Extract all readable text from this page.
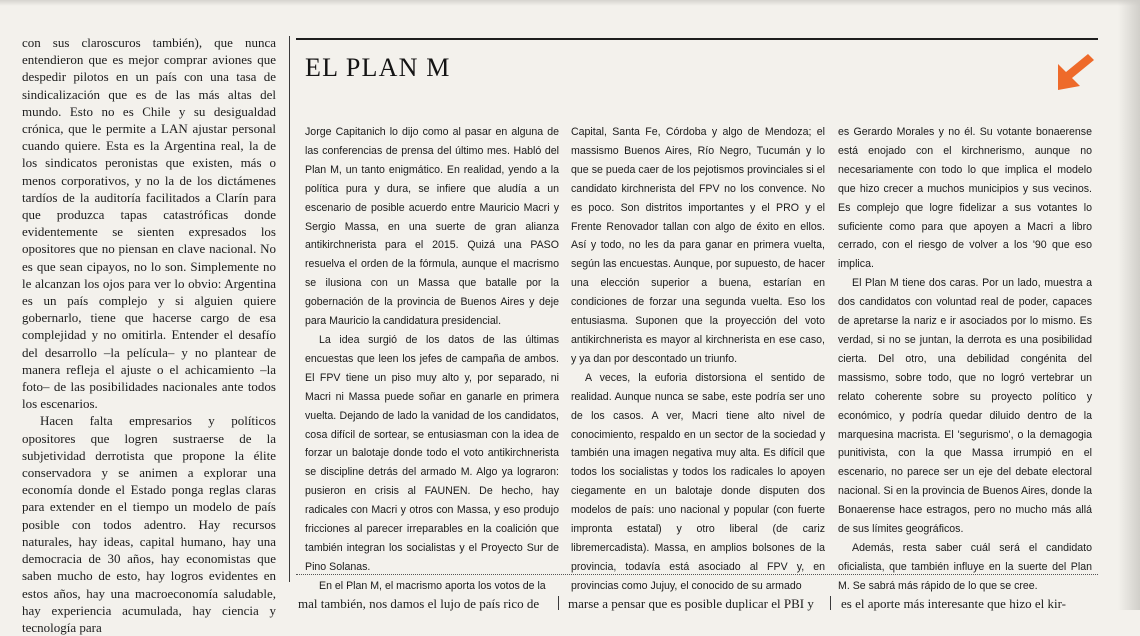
con sus claroscuros también), que nunca entendieron que es mejor comprar aviones que despedir pilotos en un país con una tasa de sindicalización que es de las más altas del mundo. Esto no es Chile y su desigualdad crónica, que le permite a LAN ajustar personal cuando quiere. Esta es la Argentina real, la de los sindicatos peronistas que existen, más o menos corporativos, y no la de los dictámenes tardíos de la auditoría facilitados a Clarín para que produzca tapas catastróficas donde evidentemente se sienten expresados los opositores que no piensan en clave nacional. No es que sean cipayos, no lo son. Simplemente no le alcanzan los ojos para ver lo obvio: Argentina es un país complejo y si alguien quiere gobernarlo, tiene que hacerse cargo de esa complejidad y no omitirla. Entender el desafío del desarrollo –la película– y no plantear de manera refleja el ajuste o el achicamiento –la foto– de las posibilidades nacionales ante todos los escenarios.

Hacen falta empresarios y políticos opositores que logren sustraerse de la subjetividad derrotista que propone la élite conservadora y se animen a explorar una economía donde el Estado ponga reglas claras para extender en el tiempo un modelo de país posible con todos adentro. Hay recursos naturales, hay ideas, capital humano, hay una democracia de 30 años, hay economistas que saben mucho de esto, hay logros evidentes en estos años, hay una macroeconomía saludable, hay experiencia acumulada, hay ciencia y tecnología para

EL PLAN M

Jorge Capitanich lo dijo como al pasar en alguna de las conferencias de prensa del último mes. Habló del Plan M, un tanto enigmático. En realidad, yendo a la política pura y dura, se infiere que aludía a un escenario de posible acuerdo entre Mauricio Macri y Sergio Massa, en una suerte de gran alianza antikirchnerista para el 2015. Quizá una PASO resuelva el orden de la fórmula, aunque el macrismo se ilusiona con un Massa que batalle por la gobernación de la provincia de Buenos Aires y deje para Mauricio la candidatura presidencial.

La idea surgió de los datos de las últimas encuestas que leen los jefes de campaña de ambos. El FPV tiene un piso muy alto y, por separado, ni Macri ni Massa puede soñar en ganarle en primera vuelta. Dejando de lado la vanidad de los candidatos, cosa difícil de sortear, se entusiasman con la idea de forzar un balotaje donde todo el voto antikirchnerista se discipline detrás del armado M. Algo ya lograron: pusieron en crisis al FAUNEN. De hecho, hay radicales con Macri y otros con Massa, y eso produjo fricciones al parecer irreparables en la coalición que también integran los socialistas y el Proyecto Sur de Pino Solanas.

En el Plan M, el macrismo aporta los votos de la

Capital, Santa Fe, Córdoba y algo de Mendoza; el massismo Buenos Aires, Río Negro, Tucumán y lo que se pueda caer de los pejotismos provinciales si el candidato kirchnerista del FPV no los convence. No es poco. Son distritos importantes y el PRO y el Frente Renovador tallan con algo de éxito en ellos. Así y todo, no les da para ganar en primera vuelta, según las encuestas. Aunque, por supuesto, de hacer una elección superior a buena, estarían en condiciones de forzar una segunda vuelta. Eso los entusiasma. Suponen que la proyección del voto antikirchnerista es mayor al kirchnerista en ese caso, y ya dan por descontado un triunfo.

A veces, la euforia distorsiona el sentido de realidad. Aunque nunca se sabe, este podría ser uno de los casos. A ver, Macri tiene alto nivel de conocimiento, respaldo en un sector de la sociedad y también una imagen negativa muy alta. Es difícil que todos los socialistas y todos los radicales lo apoyen ciegamente en un balotaje donde disputen dos modelos de país: uno nacional y popular (con fuerte impronta estatal) y otro liberal (de cariz libremercadista). Massa, en amplios bolsones de la provincia, todavía está asociado al FPV y, en provincias como Jujuy, el conocido de su armado

es Gerardo Morales y no él. Su votante bonaerense está enojado con el kirchnerismo, aunque no necesariamente con todo lo que implica el modelo que hizo crecer a muchos municipios y sus vecinos. Es complejo que logre fidelizar a sus votantes lo suficiente como para que apoyen a Macri a libro cerrado, con el riesgo de volver a los '90 que eso implica.

El Plan M tiene dos caras. Por un lado, muestra a dos candidatos con voluntad real de poder, capaces de apretarse la nariz e ir asociados por lo mismo. Es verdad, si no se juntan, la derrota es una posibilidad cierta. Del otro, una debilidad congénita del massismo, sobre todo, que no logró vertebrar un relato coherente sobre su proyecto político y económico, y podría quedar diluido dentro de la marquesina macrista. El 'segurismo', o la demagogia punitivista, con la que Massa irrumpió en el escenario, no parece ser un eje del debate electoral nacional. Si en la provincia de Buenos Aires, donde la Bonaerense hace estragos, pero no mucho más allá de sus límites geográficos.

Además, resta saber cuál será el candidato oficialista, que también influye en la suerte del Plan M. Se sabrá más rápido de lo que se cree.

mal también, nos damos el lujo de país rico de	marse a pensar que es posible duplicar el PBI y	es el aporte más interesante que hizo el kir-
